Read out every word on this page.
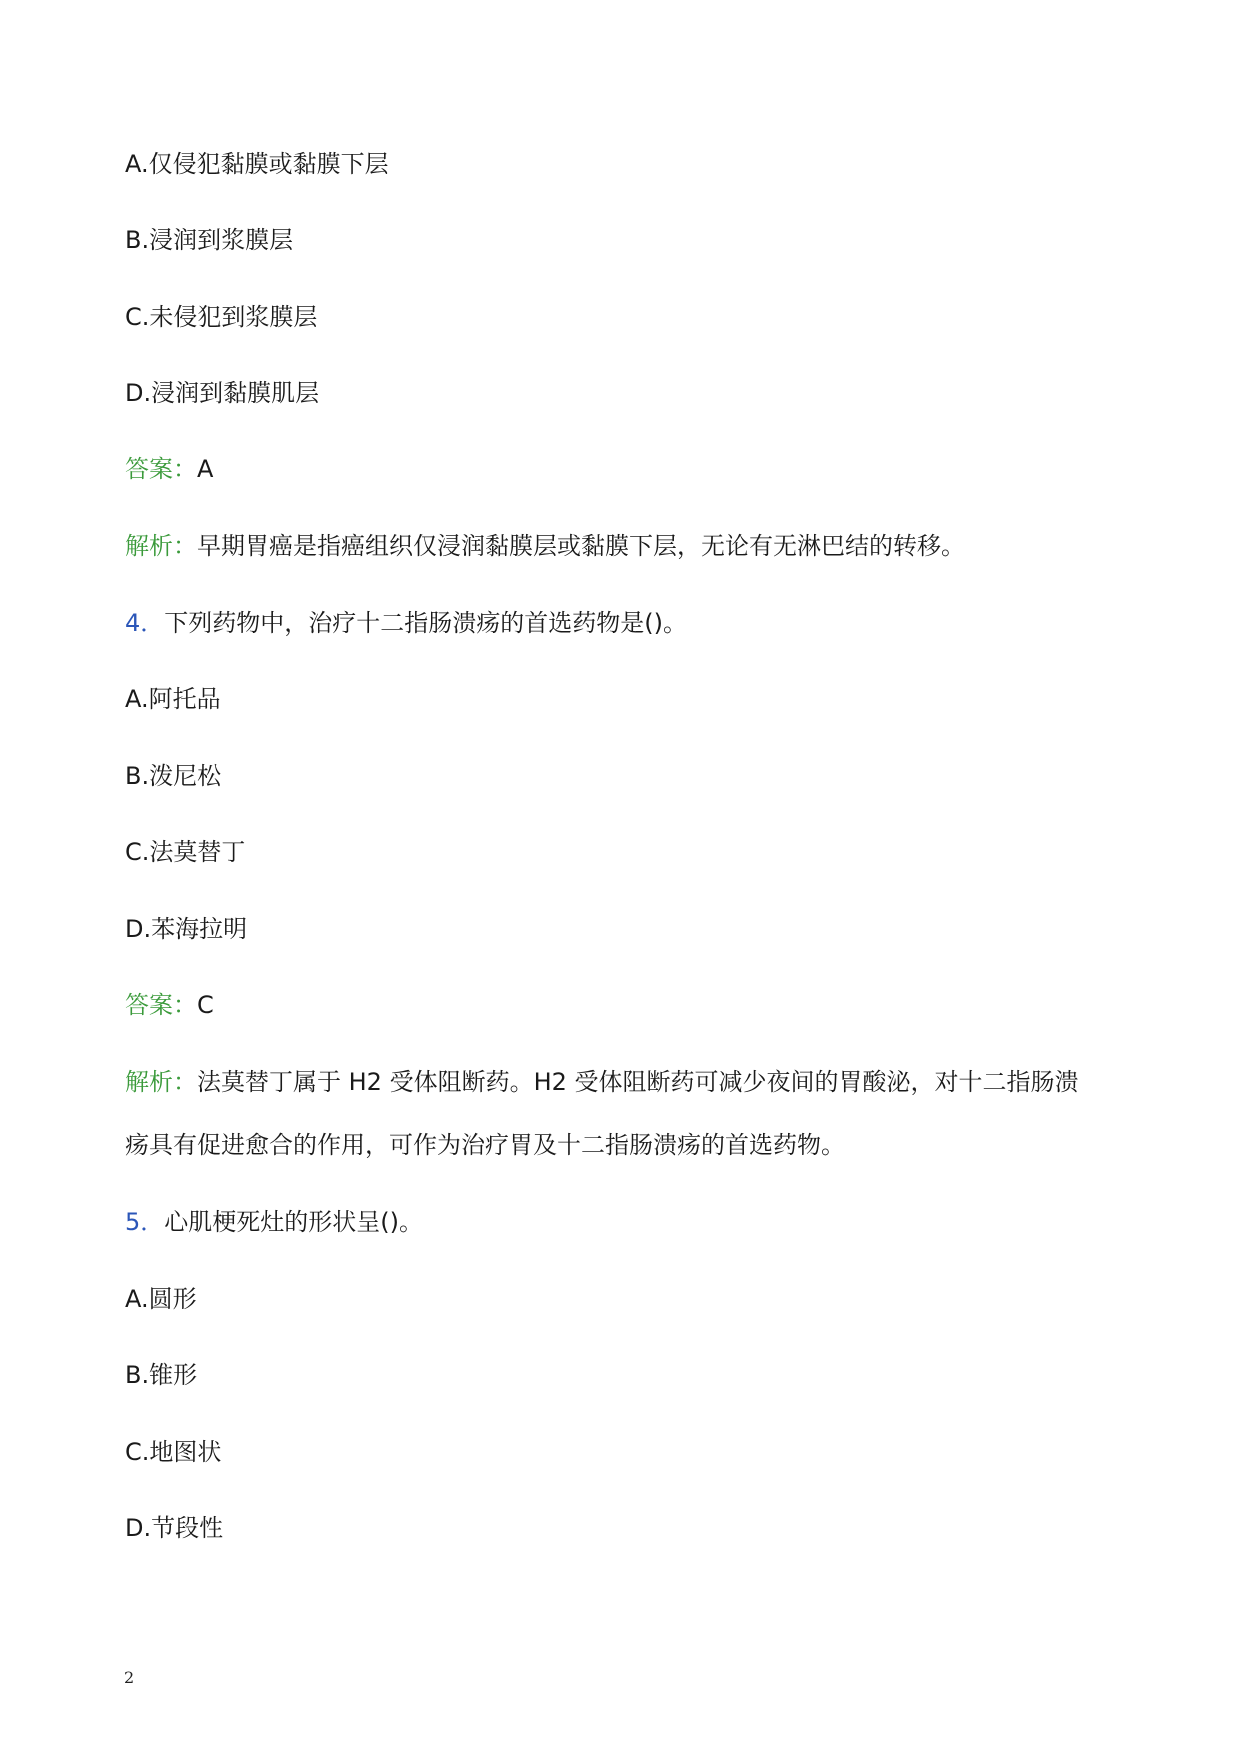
A.仅侵犯黏膜或黏膜下层
B.浸润到浆膜层
C.未侵犯到浆膜层
D.浸润到黏膜肌层
答案：A
解析：早期胃癌是指癌组织仅浸润黏膜层或黏膜下层，无论有无淋巴结的转移。
4．下列药物中，治疗十二指肠溃疡的首选药物是()。
A.阿托品
B.泼尼松
C.法莫替丁
D.苯海拉明
答案：C
解析：法莫替丁属于 H2 受体阻断药。H2 受体阻断药可减少夜间的胃酸泌，对十二指肠溃
疡具有促进愈合的作用，可作为治疗胃及十二指肠溃疡的首选药物。
5．心肌梗死灶的形状呈()。
A.圆形
B.锥形
C.地图状
D.节段性
2
